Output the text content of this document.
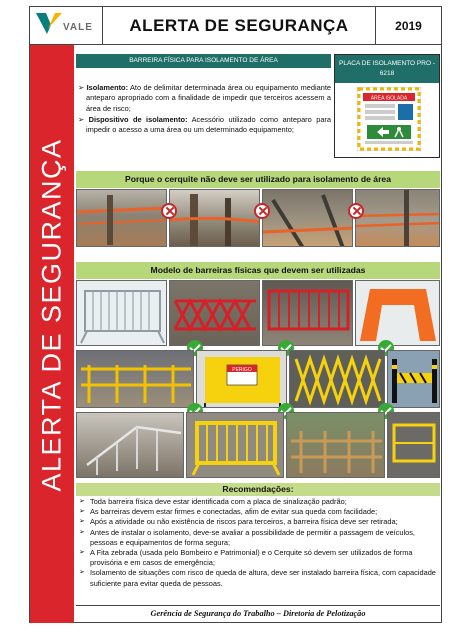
VALE	ALERTA DE SEGURANÇA	2019
ALERTA DE SEGURANÇA
BARREIRA FÍSICA PARA ISOLAMENTO DE ÁREA

➢ Isolamento: Ato de delimitar determinada área ou equipamento mediante anteparo apropriado com a finalidade de impedir que terceiros acessem a área de risco;

➢ Dispositivo de isolamento: Acessório utilizado como anteparo para impedir o acesso a uma área ou um determinado equipamento;

PLACA DE ISOLAMENTO PRO - 6218
ÁREA ISOLADA
Porque o cerquite não deve ser utilizado para isolamento de área
Modelo de barreiras físicas que devem ser utilizadas
PERIGO
Recomendações:
➢ Toda barreira física deve estar identificada com a placa de sinalização padrão;
➢ As barreiras devem estar firmes e conectadas, afim de evitar sua queda com facilidade;
➢ Após a atividade ou não existência de riscos para terceiros, a barreira física deve ser retirada;
➢ Antes de instalar o isolamento, deve-se avaliar a possibilidade de permitir a passagem de veículos, pessoas e equipamentos de forma segura;
➢ A Fita zebrada (usada pelo Bombeiro e Patrimonial) e o Cerquite só devem ser utilizados de forma provisória e em casos de emergência;
➢ Isolamento de situações com risco de queda de altura, deve ser instalado barreira física, com capacidade suficiente para evitar queda de pessoas.
Gerência de Segurança do Trabalho – Diretoria de Pelotização
